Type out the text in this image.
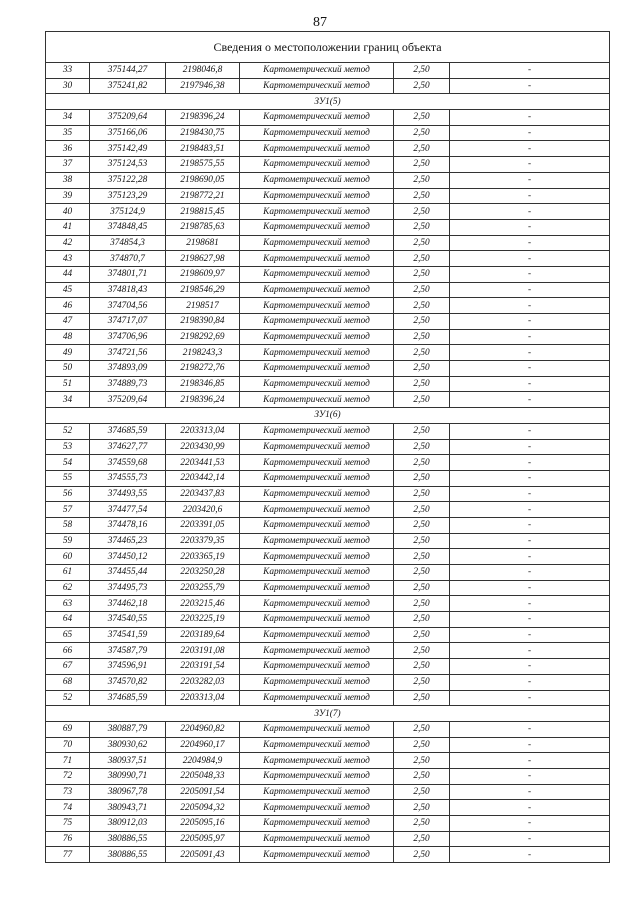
87
Сведения о местоположении границ объекта					
33	375144,27	2198046,8	Картометрический метод	2,50	-
30	375241,82	2197946,38	Картометрический метод	2,50	-
ЗУ1(5)					
34	375209,64	2198396,24	Картометрический метод	2,50	-
35	375166,06	2198430,75	Картометрический метод	2,50	-
36	375142,49	2198483,51	Картометрический метод	2,50	-
37	375124,53	2198575,55	Картометрический метод	2,50	-
38	375122,28	2198690,05	Картометрический метод	2,50	-
39	375123,29	2198772,21	Картометрический метод	2,50	-
40	375124,9	2198815,45	Картометрический метод	2,50	-
41	374848,45	2198785,63	Картометрический метод	2,50	-
42	374854,3	2198681	Картометрический метод	2,50	-
43	374870,7	2198627,98	Картометрический метод	2,50	-
44	374801,71	2198609,97	Картометрический метод	2,50	-
45	374818,43	2198546,29	Картометрический метод	2,50	-
46	374704,56	2198517	Картометрический метод	2,50	-
47	374717,07	2198390,84	Картометрический метод	2,50	-
48	374706,96	2198292,69	Картометрический метод	2,50	-
49	374721,56	2198243,3	Картометрический метод	2,50	-
50	374893,09	2198272,76	Картометрический метод	2,50	-
51	374889,73	2198346,85	Картометрический метод	2,50	-
34	375209,64	2198396,24	Картометрический метод	2,50	-
ЗУ1(6)					
52	374685,59	2203313,04	Картометрический метод	2,50	-
53	374627,77	2203430,99	Картометрический метод	2,50	-
54	374559,68	2203441,53	Картометрический метод	2,50	-
55	374555,73	2203442,14	Картометрический метод	2,50	-
56	374493,55	2203437,83	Картометрический метод	2,50	-
57	374477,54	2203420,6	Картометрический метод	2,50	-
58	374478,16	2203391,05	Картометрический метод	2,50	-
59	374465,23	2203379,35	Картометрический метод	2,50	-
60	374450,12	2203365,19	Картометрический метод	2,50	-
61	374455,44	2203250,28	Картометрический метод	2,50	-
62	374495,73	2203255,79	Картометрический метод	2,50	-
63	374462,18	2203215,46	Картометрический метод	2,50	-
64	374540,55	2203225,19	Картометрический метод	2,50	-
65	374541,59	2203189,64	Картометрический метод	2,50	-
66	374587,79	2203191,08	Картометрический метод	2,50	-
67	374596,91	2203191,54	Картометрический метод	2,50	-
68	374570,82	2203282,03	Картометрический метод	2,50	-
52	374685,59	2203313,04	Картометрический метод	2,50	-
ЗУ1(7)					
69	380887,79	2204960,82	Картометрический метод	2,50	-
70	380930,62	2204960,17	Картометрический метод	2,50	-
71	380937,51	2204984,9	Картометрический метод	2,50	-
72	380990,71	2205048,33	Картометрический метод	2,50	-
73	380967,78	2205091,54	Картометрический метод	2,50	-
74	380943,71	2205094,32	Картометрический метод	2,50	-
75	380912,03	2205095,16	Картометрический метод	2,50	-
76	380886,55	2205095,97	Картометрический метод	2,50	-
77	380886,55	2205091,43	Картометрический метод	2,50	-
